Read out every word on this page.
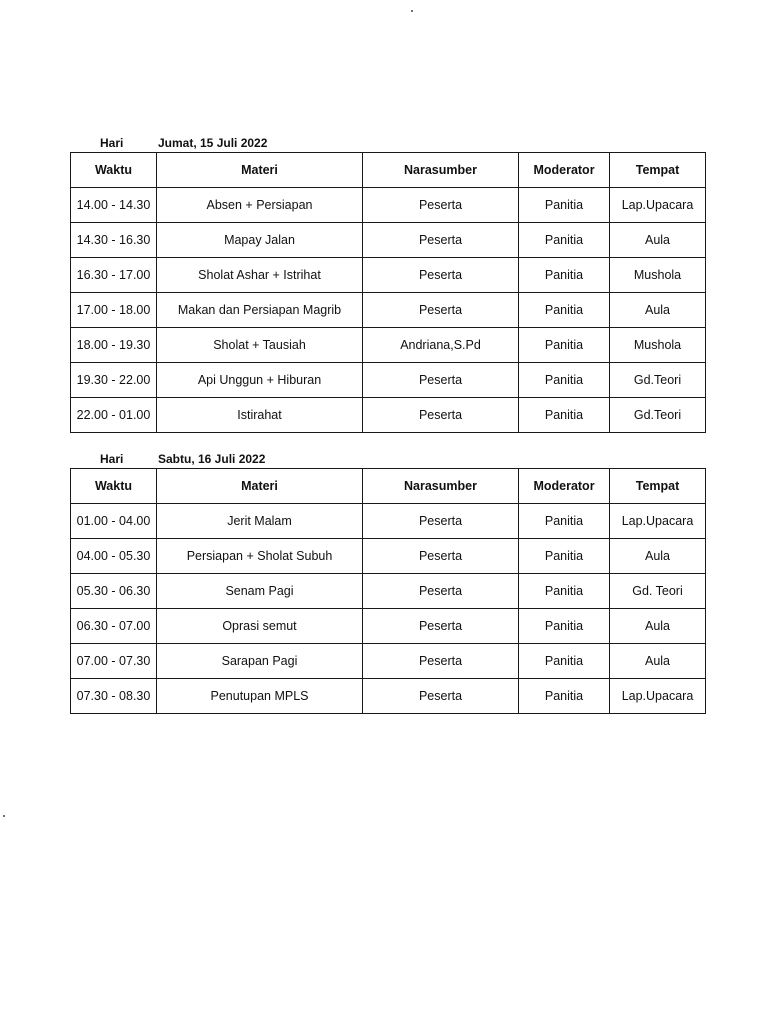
Hari	Jumat, 15 Juli 2022
Waktu	Materi	Narasumber	Moderator	Tempat
14.00 - 14.30	Absen + Persiapan	Peserta	Panitia	Lap.Upacara
14.30 - 16.30	Mapay Jalan	Peserta	Panitia	Aula
16.30 - 17.00	Sholat Ashar + Istrihat	Peserta	Panitia	Mushola
17.00 - 18.00	Makan dan Persiapan Magrib	Peserta	Panitia	Aula
18.00 - 19.30	Sholat + Tausiah	Andriana,S.Pd	Panitia	Mushola
19.30 - 22.00	Api Unggun + Hiburan	Peserta	Panitia	Gd.Teori
22.00 - 01.00	Istirahat	Peserta	Panitia	Gd.Teori
Hari	Sabtu, 16 Juli 2022
Waktu	Materi	Narasumber	Moderator	Tempat
01.00 - 04.00	Jerit Malam	Peserta	Panitia	Lap.Upacara
04.00 - 05.30	Persiapan + Sholat Subuh	Peserta	Panitia	Aula
05.30 - 06.30	Senam Pagi	Peserta	Panitia	Gd. Teori
06.30 - 07.00	Oprasi semut	Peserta	Panitia	Aula
07.00 - 07.30	Sarapan Pagi	Peserta	Panitia	Aula
07.30 - 08.30	Penutupan MPLS	Peserta	Panitia	Lap.Upacara
